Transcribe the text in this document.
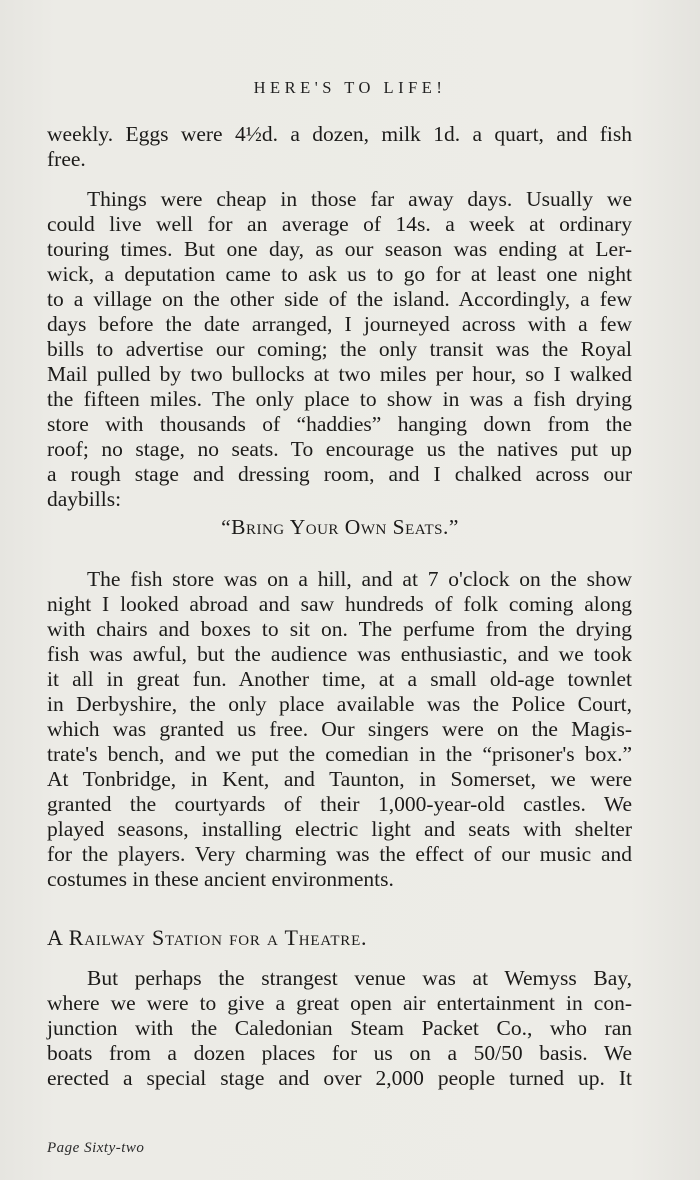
HERE'S TO LIFE!
weekly. Eggs were 4½d. a dozen, milk 1d. a quart, and fish
free.
Things were cheap in those far away days. Usually we
could live well for an average of 14s. a week at ordinary
touring times. But one day, as our season was ending at Ler-
wick, a deputation came to ask us to go for at least one night
to a village on the other side of the island. Accordingly, a few
days before the date arranged, I journeyed across with a few
bills to advertise our coming; the only transit was the Royal
Mail pulled by two bullocks at two miles per hour, so I walked
the fifteen miles. The only place to show in was a fish drying
store with thousands of “haddies” hanging down from the
roof; no stage, no seats. To encourage us the natives put up
a rough stage and dressing room, and I chalked across our
daybills:
“Bring Your Own Seats.”
The fish store was on a hill, and at 7 o'clock on the show
night I looked abroad and saw hundreds of folk coming along
with chairs and boxes to sit on. The perfume from the drying
fish was awful, but the audience was enthusiastic, and we took
it all in great fun. Another time, at a small old-age townlet
in Derbyshire, the only place available was the Police Court,
which was granted us free. Our singers were on the Magis-
trate's bench, and we put the comedian in the “prisoner's box.”
At Tonbridge, in Kent, and Taunton, in Somerset, we were
granted the courtyards of their 1,000-year-old castles. We
played seasons, installing electric light and seats with shelter
for the players. Very charming was the effect of our music and
costumes in these ancient environments.
A Railway Station for a Theatre.
But perhaps the strangest venue was at Wemyss Bay,
where we were to give a great open air entertainment in con-
junction with the Caledonian Steam Packet Co., who ran
boats from a dozen places for us on a 50/50 basis. We
erected a special stage and over 2,000 people turned up. It
Page Sixty-two
